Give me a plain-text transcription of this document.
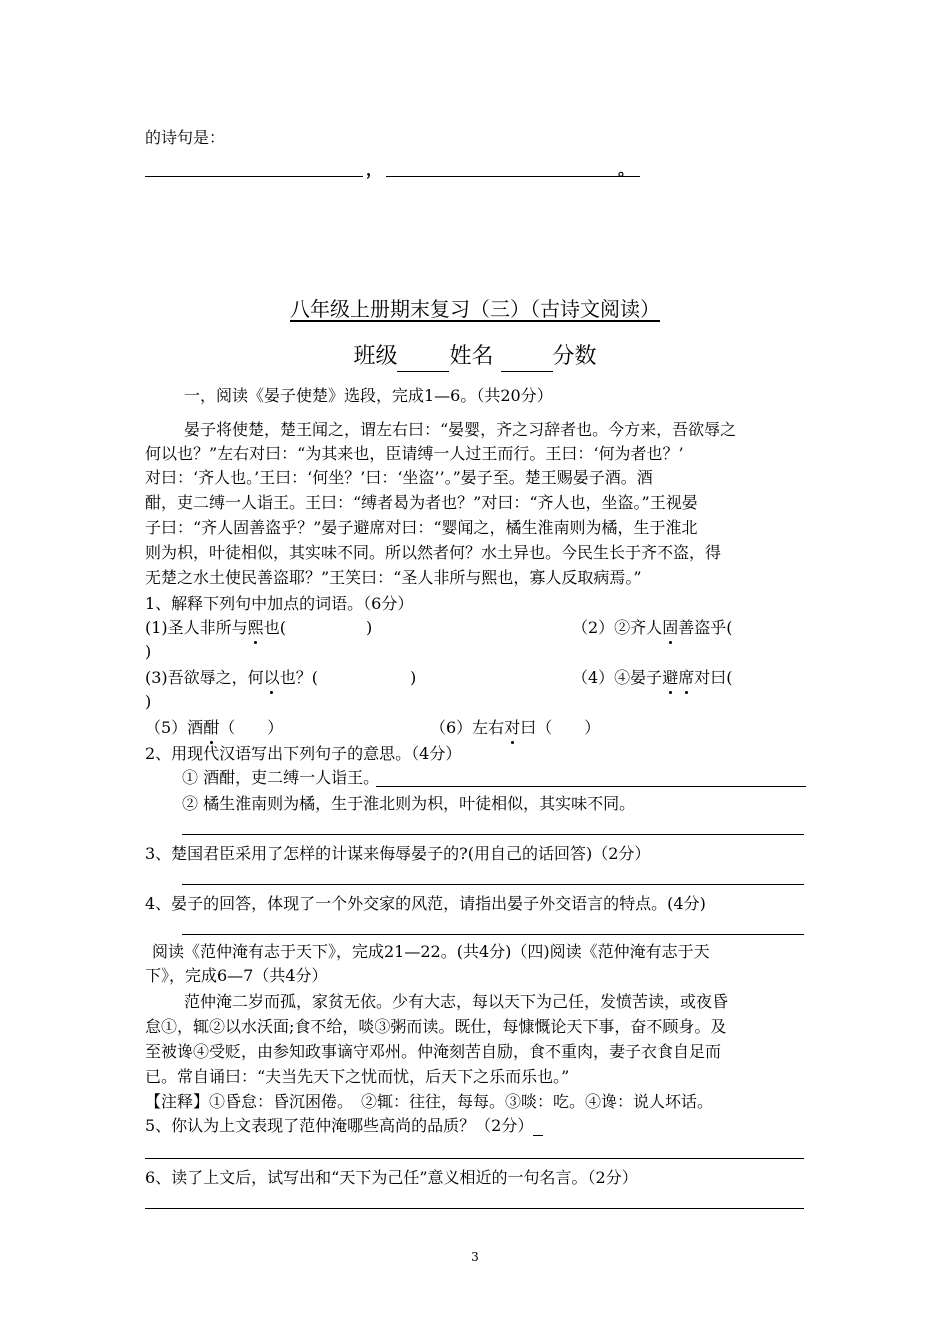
的诗句是：
，	。
八年级上册期末复习（三）（古诗文阅读）
班级 姓名	分数
一，阅读《晏子使楚》选段，完成1—6。（共20分）
晏子将使楚，楚王闻之，谓左右曰：“晏婴，齐之习辞者也。今方来，吾欲辱之
何以也？”左右对曰：“为其来也，臣请缚一人过王而行。王曰：‘何为者也？’
对曰：‘齐人也。’王曰：‘何坐？’曰：‘坐盗’’。”晏子至。楚王赐晏子酒。酒
酣，吏二缚一人诣王。王曰：“缚者曷为者也？”对曰：“齐人也，坐盗。”王视晏
子曰：“齐人固善盗乎？”晏子避席对曰：“婴闻之，橘生淮南则为橘，生于淮北
则为枳，叶徒相似，其实味不同。所以然者何？水土异也。今民生长于齐不盗，得
无楚之水土使民善盗耶？”王笑曰：“圣人非所与熙也，寡人反取病焉。”
1、解释下列句中加点的词语。（6分）
(1)圣人非所与熙也(	)	（2）②齐人固善盗乎(
)
(3)吾欲辱之，何以也？(	)	（4）④晏子避席对曰(
)
（5）酒酣（　　）	（6）左右对曰（　　）
2、用现代汉语写出下列句子的意思。（4分）
① 酒酣，吏二缚一人诣王。
② 橘生淮南则为橘，生于淮北则为枳，叶徒相似，其实味不同。
3、楚国君臣采用了怎样的计谋来侮辱晏子的?(用自己的话回答)（2分）
4、晏子的回答，体现了一个外交家的风范，请指出晏子外交语言的特点。(4分)
阅读《范仲淹有志于天下》，完成21—22。(共4分)（四)阅读《范仲淹有志于天
下》，完成6—7（共4分）
范仲淹二岁而孤，家贫无依。少有大志，每以天下为己任，发愤苦读，或夜昏
怠①，辄②以水沃面;食不给，啖③粥而读。既仕，每慷慨论天下事，奋不顾身。及
至被谗④受贬，由参知政事谪守邓州。仲淹刻苦自励，食不重肉，妻子衣食自足而
已。常自诵曰：“夫当先天下之忧而忧，后天下之乐而乐也。”
【注释】①昏怠：昏沉困倦。　②辄：往往，每每。③啖：吃。④谗：说人坏话。
5、你认为上文表现了范仲淹哪些高尚的品质？（2分）
6、读了上文后，试写出和“天下为己任”意义相近的一句名言。（2分）
3
